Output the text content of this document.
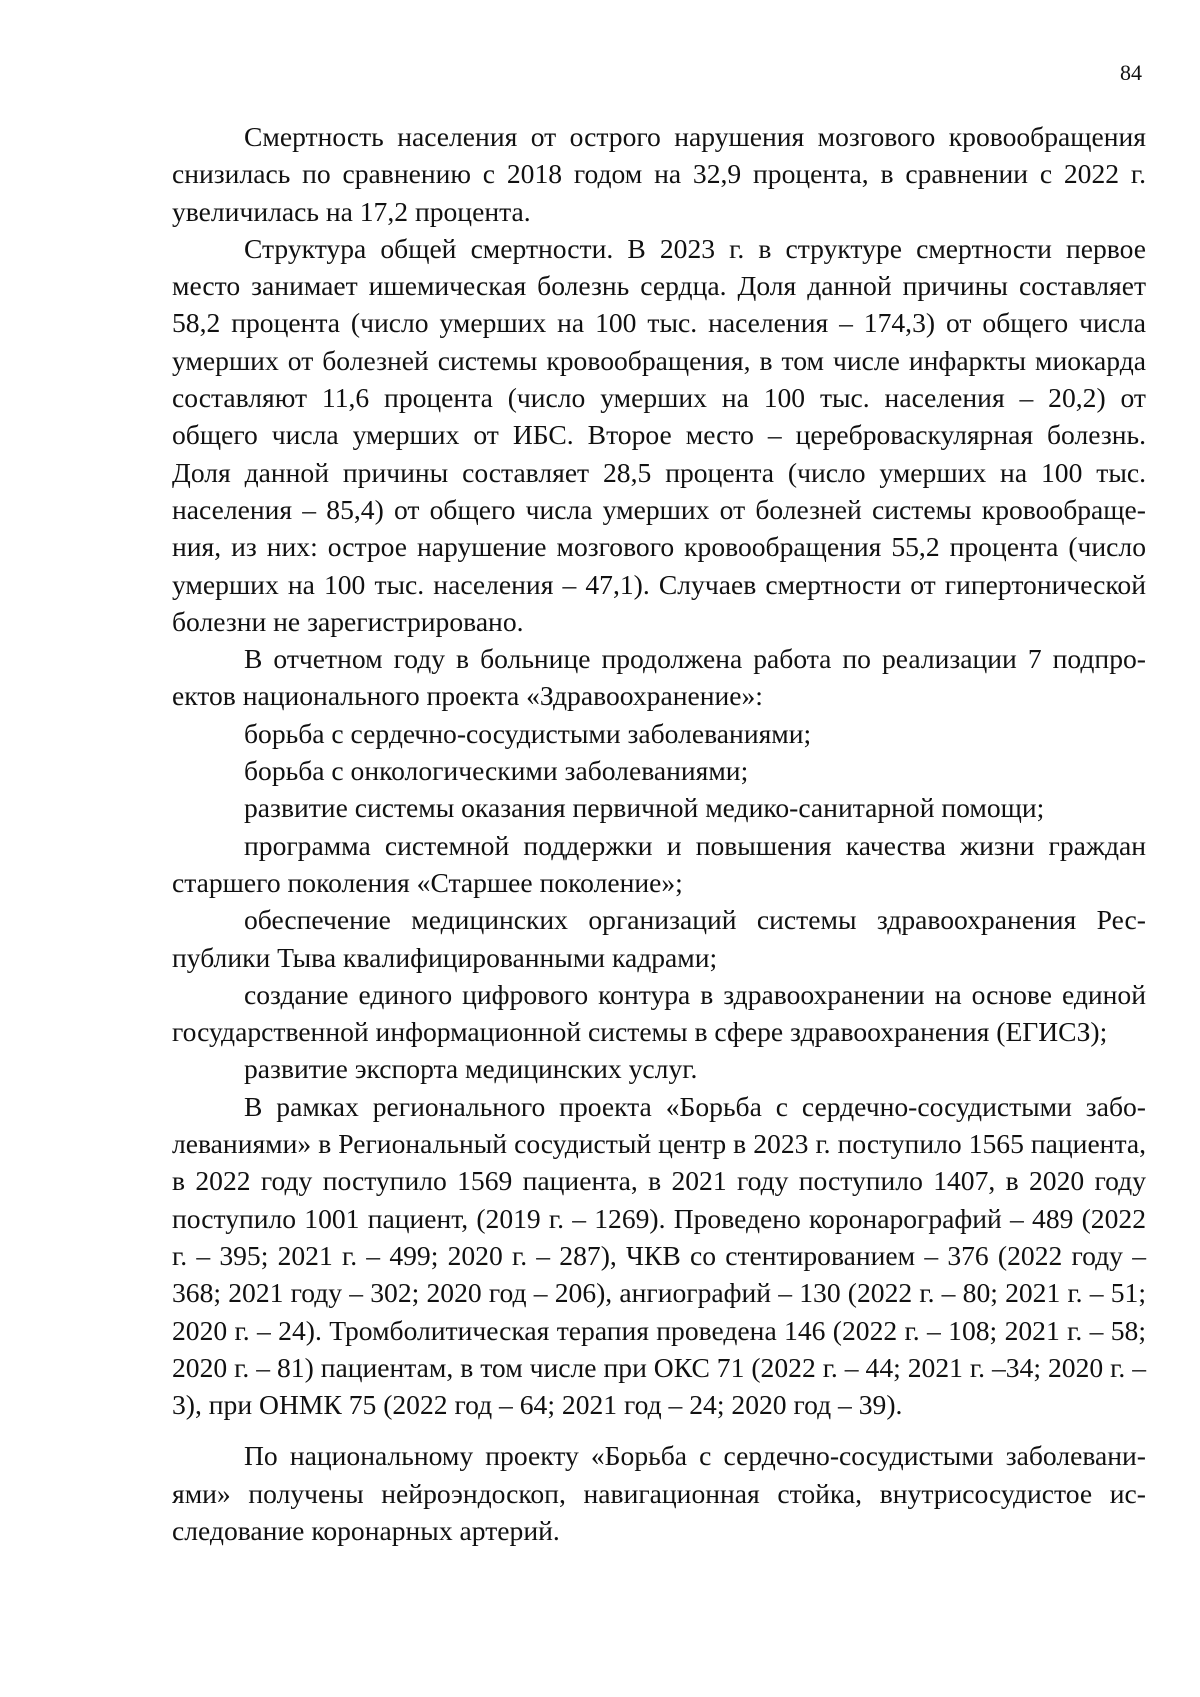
84

Смертность населения от острого нарушения мозгового кровообращения снизилась по сравнению с 2018 годом на 32,9 процента, в сравнении с 2022 г. увеличилась на 17,2 процента.

Структура общей смертности. В 2023 г. в структуре смертности первое место занимает ишемическая болезнь сердца. Доля данной причины составляет 58,2 процента (число умерших на 100 тыс. населения – 174,3) от общего числа умерших от болезней системы кровообращения, в том числе инфаркты миокарда составляют 11,6 процента (число умерших на 100 тыс. населения – 20,2) от общего числа умерших от ИБС. Второе место – цереброваскулярная болезнь. Доля данной причины составляет 28,5 процента (число умерших на 100 тыс. населения – 85,4) от общего числа умерших от болезней системы кровообращения, из них: острое нарушение мозгового кровообращения 55,2 процента (число умерших на 100 тыс. населения – 47,1). Случаев смертности от гипертонической болезни не зарегистрировано.

В отчетном году в больнице продолжена работа по реализации 7 подпроектов национального проекта «Здравоохранение»:

борьба с сердечно-сосудистыми заболеваниями;

борьба с онкологическими заболеваниями;

развитие системы оказания первичной медико-санитарной помощи;

программа системной поддержки и повышения качества жизни граждан старшего поколения «Старшее поколение»;

обеспечение медицинских организаций системы здравоохранения Республики Тыва квалифицированными кадрами;

создание единого цифрового контура в здравоохранении на основе единой государственной информационной системы в сфере здравоохранения (ЕГИСЗ);

развитие экспорта медицинских услуг.

В рамках регионального проекта «Борьба с сердечно-сосудистыми заболеваниями» в Региональный сосудистый центр в 2023 г. поступило 1565 пациента, в 2022 году поступило 1569 пациента, в 2021 году поступило 1407, в 2020 году поступило 1001 пациент, (2019 г. – 1269). Проведено коронарографий – 489 (2022 г. – 395; 2021 г. – 499; 2020 г. – 287), ЧКВ со стентированием – 376 (2022 году – 368; 2021 году – 302; 2020 год – 206), ангиографий – 130 (2022 г. – 80; 2021 г. – 51; 2020 г. – 24). Тромболитическая терапия проведена 146 (2022 г. – 108; 2021 г. – 58; 2020 г. – 81) пациентам, в том числе при ОКС 71 (2022 г. – 44; 2021 г. –34; 2020 г. – 3), при ОНМК 75 (2022 год – 64; 2021 год – 24; 2020 год – 39).

По национальному проекту «Борьба с сердечно-сосудистыми заболеваниями» получены нейроэндоскоп, навигационная стойка, внутрисосудистое исследование коронарных артерий.
